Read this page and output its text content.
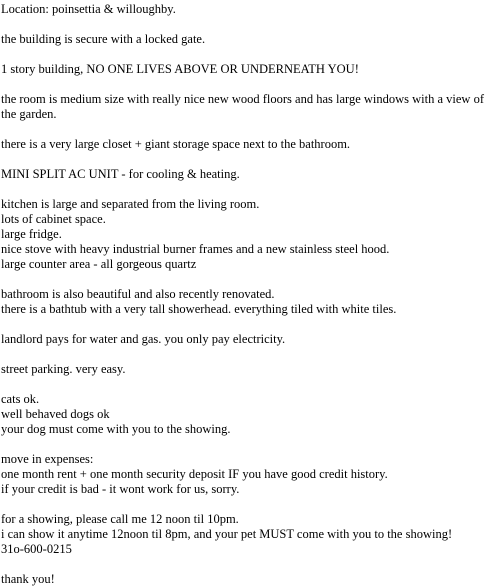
Location: poinsettia & willoughby.
the building is secure with a locked gate.
1 story building, NO ONE LIVES ABOVE OR UNDERNEATH YOU!
the room is medium size with really nice new wood floors and has large windows with a view of the garden.
there is a very large closet + giant storage space next to the bathroom.
MINI SPLIT AC UNIT - for cooling & heating.
kitchen is large and separated from the living room.
lots of cabinet space.
large fridge.
nice stove with heavy industrial burner frames and a new stainless steel hood.
large counter area - all gorgeous quartz
bathroom is also beautiful and also recently renovated.
there is a bathtub with a very tall showerhead. everything tiled with white tiles.
landlord pays for water and gas. you only pay electricity.
street parking. very easy.
cats ok.
well behaved dogs ok
your dog must come with you to the showing.
move in expenses:
one month rent + one month security deposit IF you have good credit history.
if your credit is bad - it wont work for us, sorry.
for a showing, please call me 12 noon til 10pm.
i can show it anytime 12noon til 8pm, and your pet MUST come with you to the showing!
31o-600-0215
thank you!
